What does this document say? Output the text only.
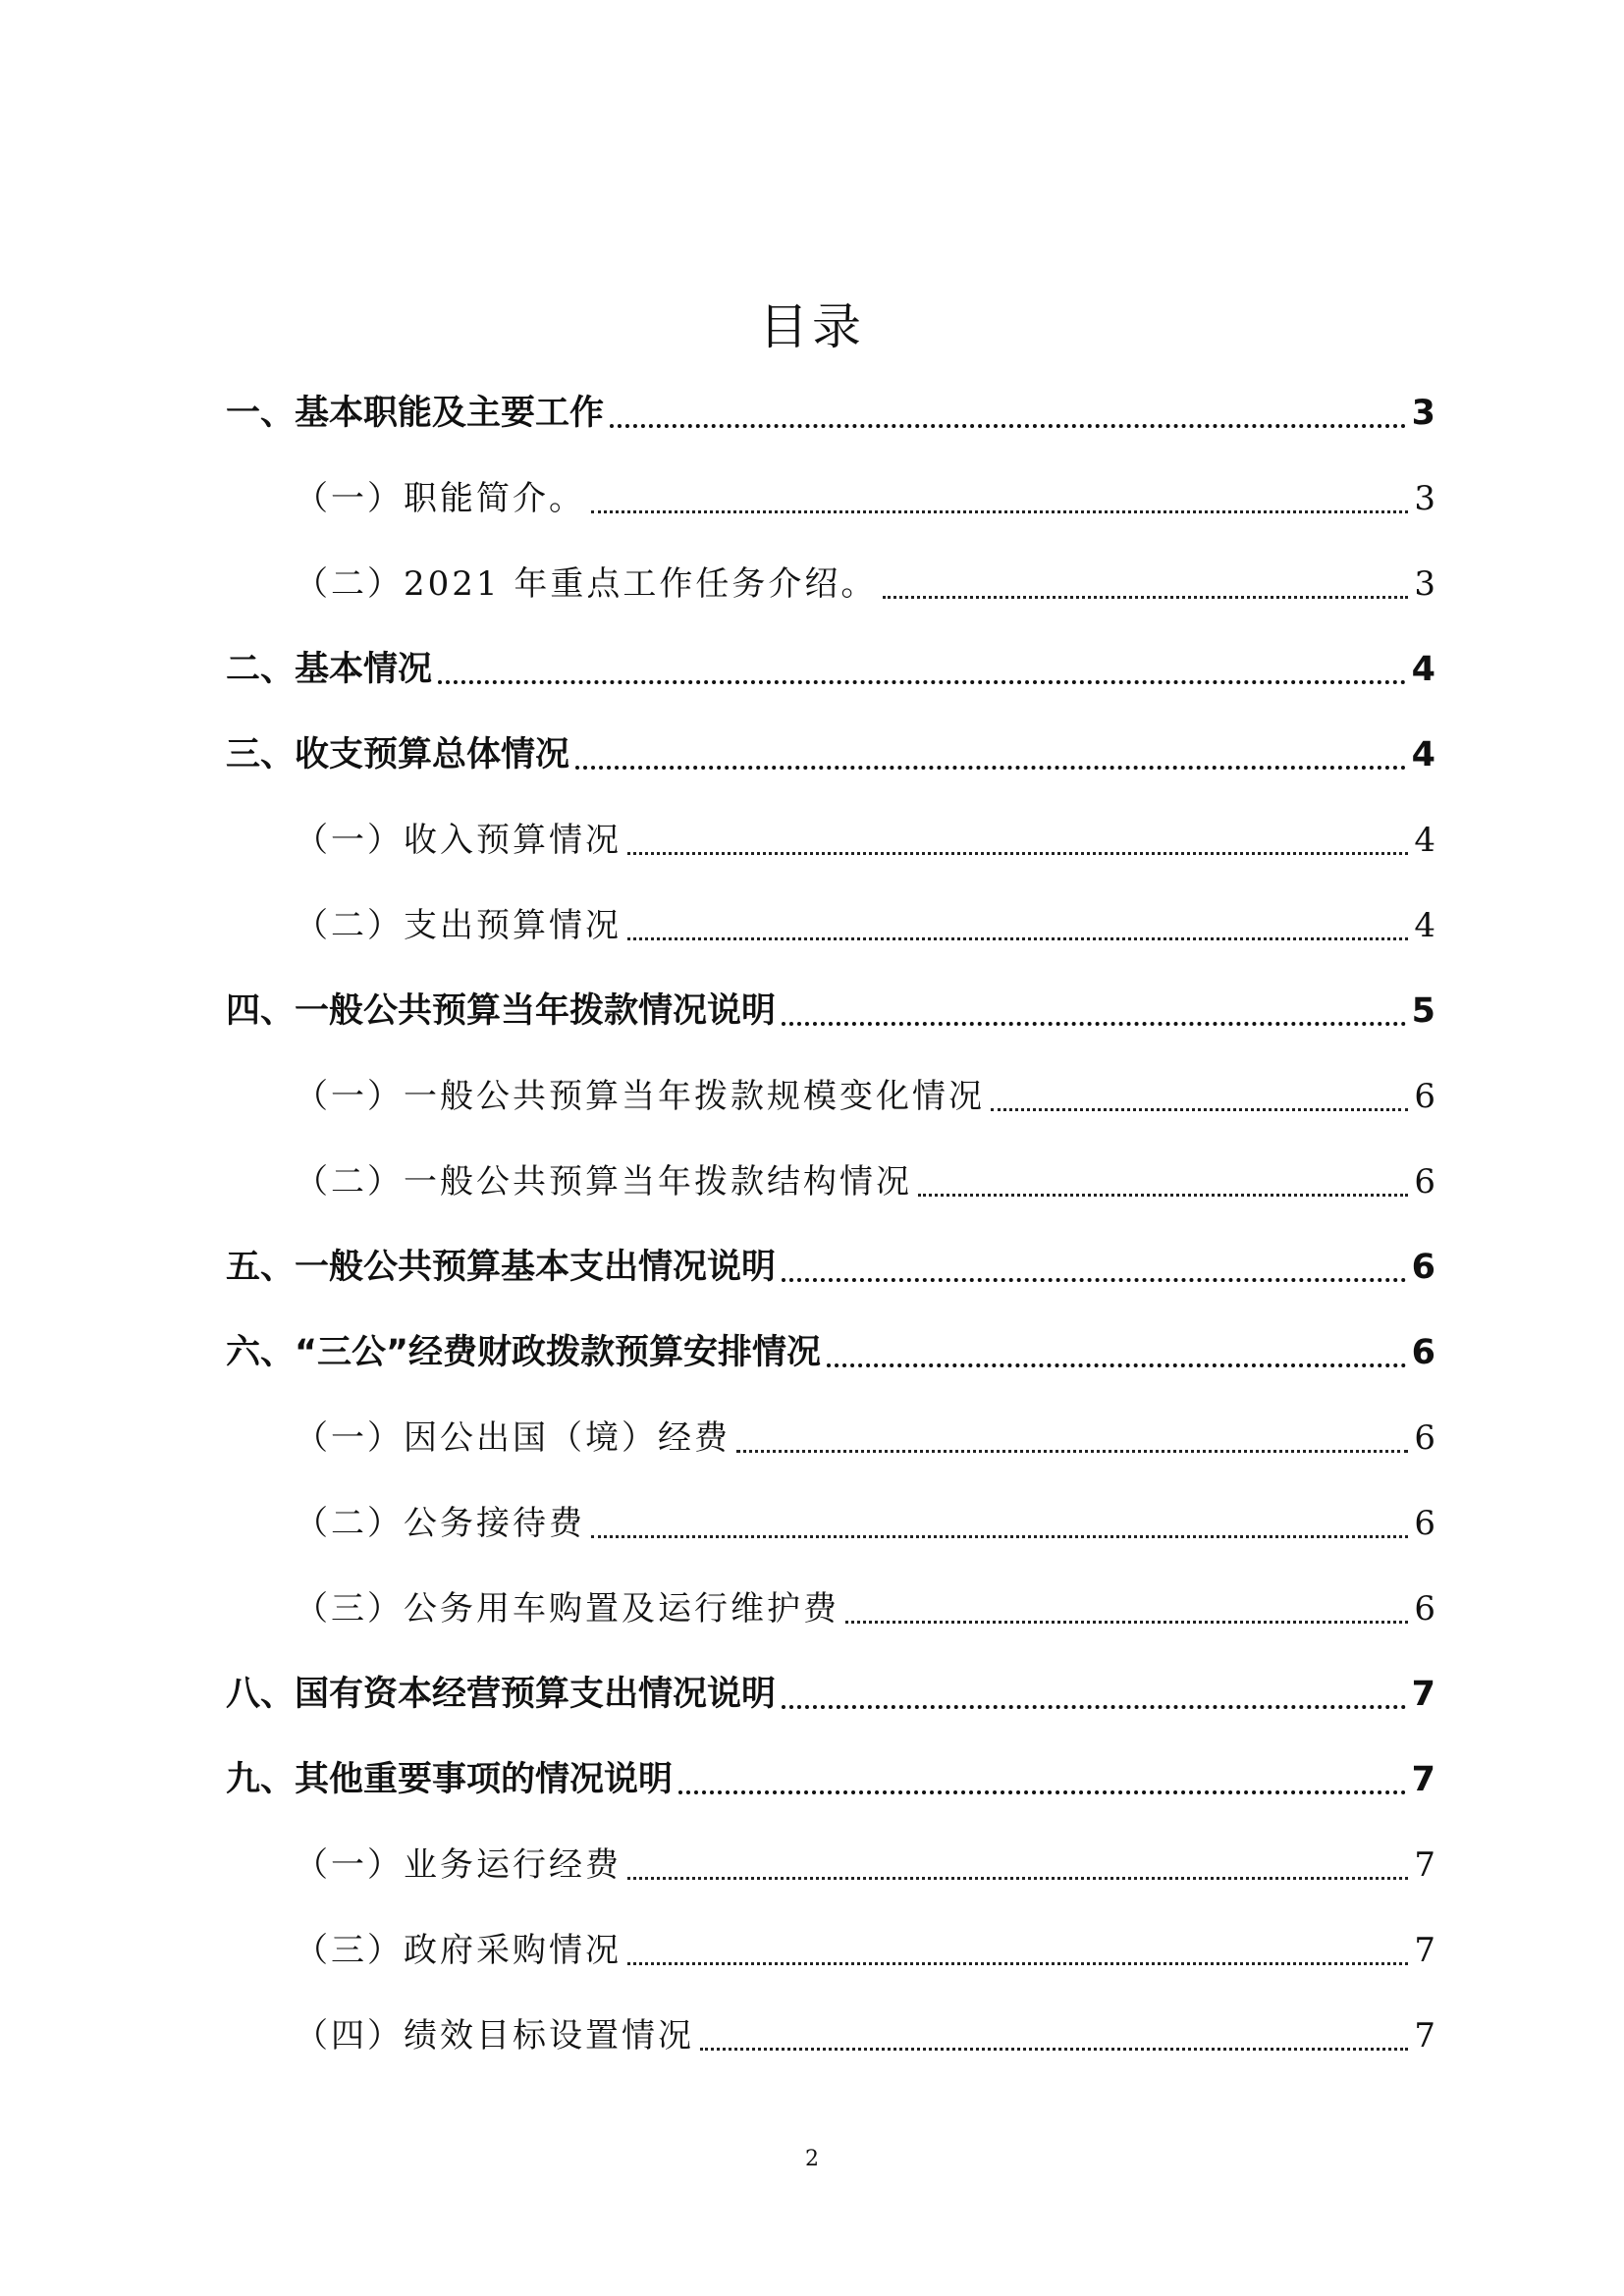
目录
一、基本职能及主要工作	3
（一）职能简介。	3
（二）2021 年重点工作任务介绍。	3
二、基本情况	4
三、收支预算总体情况	4
（一）收入预算情况	4
（二）支出预算情况	4
四、一般公共预算当年拨款情况说明	5
（一）一般公共预算当年拨款规模变化情况	6
（二）一般公共预算当年拨款结构情况	6
五、一般公共预算基本支出情况说明	6
六、“三公”经费财政拨款预算安排情况	6
（一）因公出国（境）经费	6
（二）公务接待费	6
（三）公务用车购置及运行维护费	6
八、国有资本经营预算支出情况说明	7
九、其他重要事项的情况说明	7
（一）业务运行经费	7
（三）政府采购情况	7
（四）绩效目标设置情况	7
2
